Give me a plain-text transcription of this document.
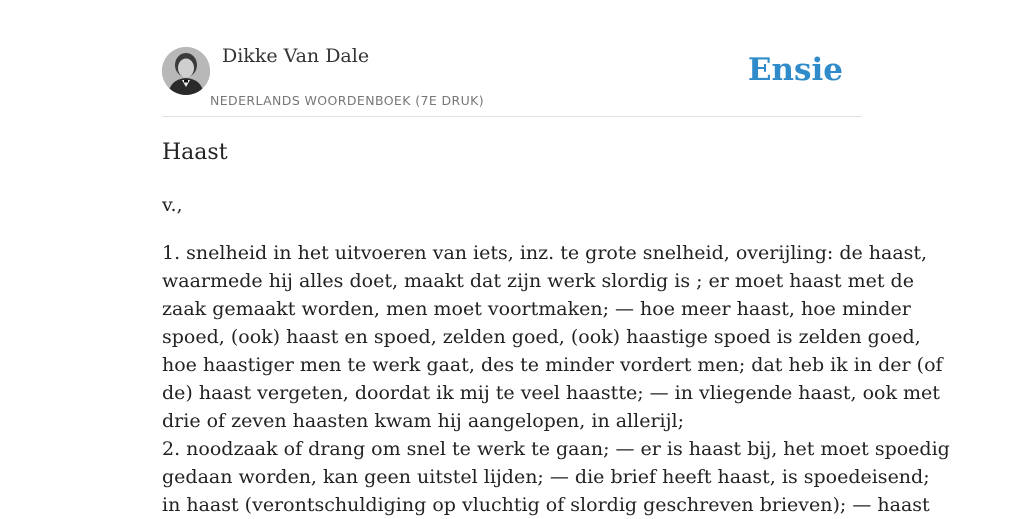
Dikke Van Dale
NEDERLANDS WOORDENBOEK (7E DRUK)
Ensie
Haast
v.,
1. snelheid in het uitvoeren van iets, inz. te grote snelheid, overijling: de haast,
waarmede hij alles doet, maakt dat zijn werk slordig is ; er moet haast met de
zaak gemaakt worden, men moet voortmaken; — hoe meer haast, hoe minder
spoed, (ook) haast en spoed, zelden goed, (ook) haastige spoed is zelden goed,
hoe haastiger men te werk gaat, des te minder vordert men; dat heb ik in der (of
de) haast vergeten, doordat ik mij te veel haastte; — in vliegende haast, ook met
drie of zeven haasten kwam hij aangelopen, in allerijl;
2. noodzaak of drang om snel te werk te gaan; — er is haast bij, het moet spoedig
gedaan worden, kan geen uitstel lijden; — die brief heeft haast, is spoedeisend;
in haast (verontschuldiging op vluchtig of slordig geschreven brieven); — haast
